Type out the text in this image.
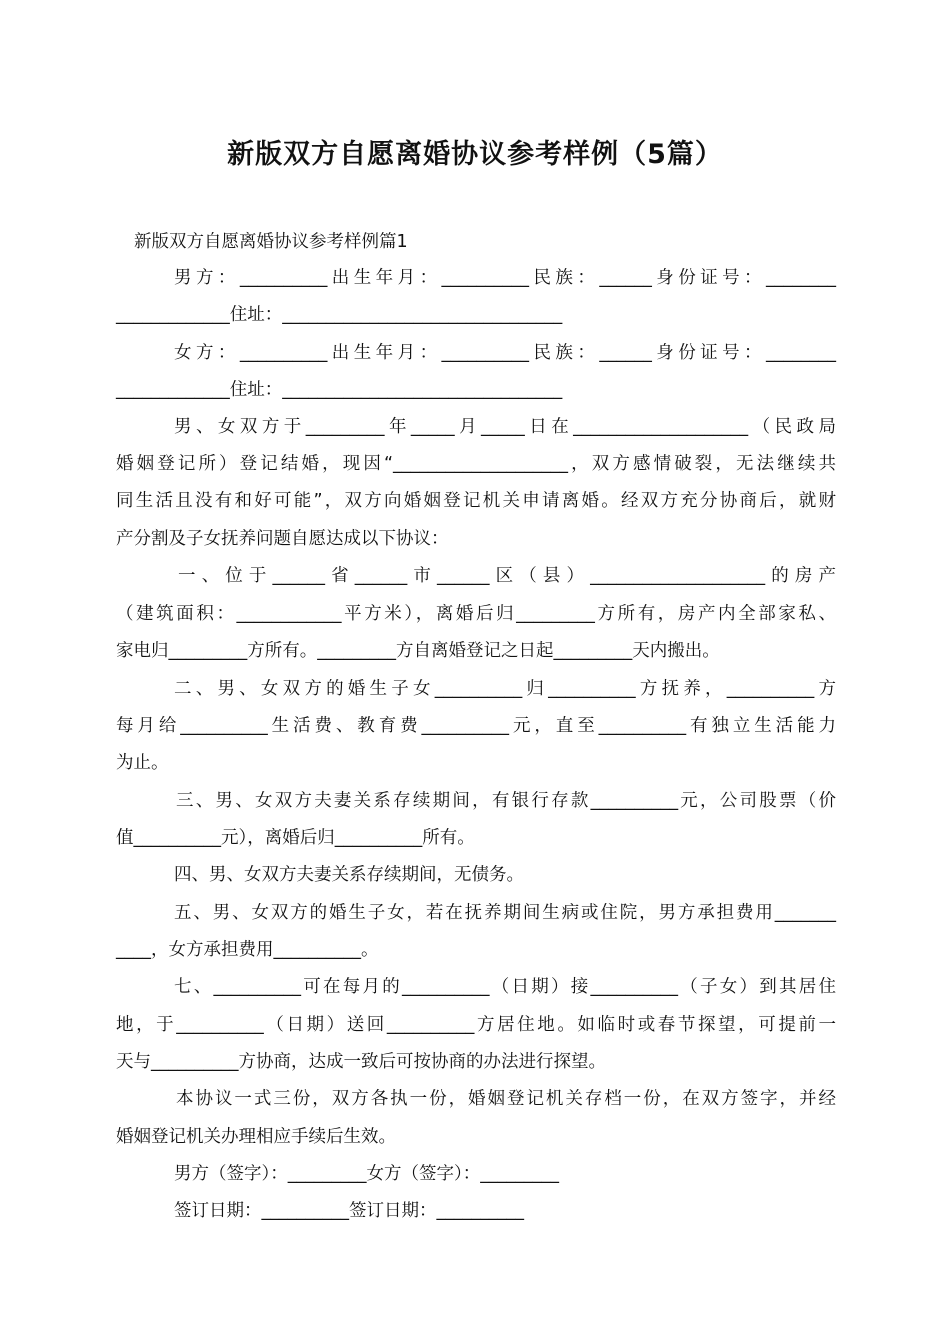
新版双方自愿离婚协议参考样例（5篇）
新版双方自愿离婚协议参考样例篇1
男方：__________出生年月：__________民族：______身份证号：________
_____________住址：________________________________
女方：__________出生年月：__________民族：______身份证号：________
_____________住址：________________________________
男、女双方于_________年_____月_____日在____________________（民政局
婚姻登记所）登记结婚，现因“____________________，双方感情破裂，无法继续共
同生活且没有和好可能”，双方向婚姻登记机关申请离婚。经双方充分协商后，就财
产分割及子女抚养问题自愿达成以下协议：
一、位于______省______市______区（县）____________________的房产
（建筑面积：____________平方米），离婚后归_________方所有，房产内全部家私、
家电归_________方所有。_________方自离婚登记之日起_________天内搬出。
二、男、女双方的婚生子女__________归__________方抚养，__________方
每月给__________生活费、教育费__________元，直至__________有独立生活能力
为止。
三、男、女双方夫妻关系存续期间，有银行存款__________元，公司股票（价
值__________元），离婚后归__________所有。
四、男、女双方夫妻关系存续期间，无债务。
五、男、女双方的婚生子女，若在抚养期间生病或住院，男方承担费用_______
____，女方承担费用__________。
七、__________可在每月的__________（日期）接__________（子女）到其居住
地，于__________（日期）送回__________方居住地。如临时或春节探望，可提前一
天与__________方协商，达成一致后可按协商的办法进行探望。
本协议一式三份，双方各执一份，婚姻登记机关存档一份，在双方签字，并经
婚姻登记机关办理相应手续后生效。
男方（签字）：_________女方（签字）：_________
签订日期：__________签订日期：__________
